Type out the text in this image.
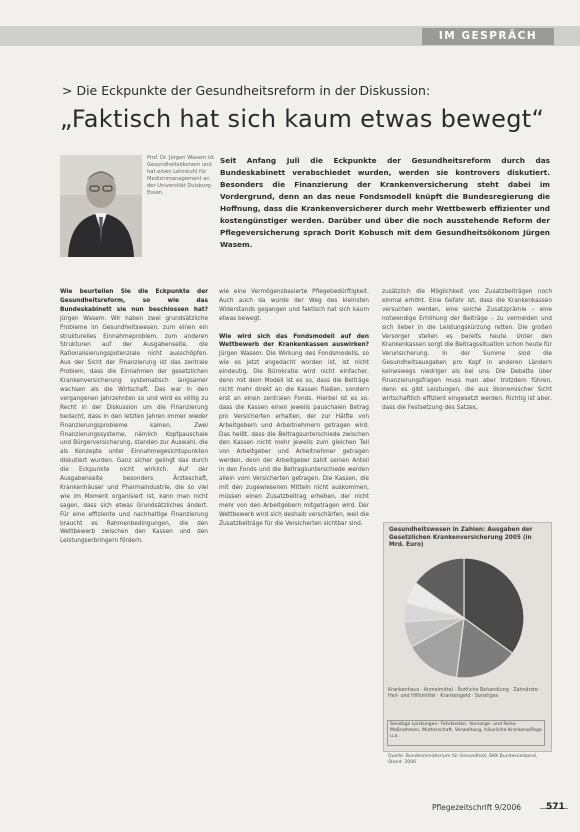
IM GESPRÄCH
> Die Eckpunkte der Gesundheitsreform in der Diskussion:
„Faktisch hat sich kaum etwas bewegt“
Prof. Dr. Jürgen Wasem ist Gesundheitsökonom und hat einen Lehrstuhl für Medizinmanagement an der Universität Duisburg-Essen.
Seit Anfang Juli die Eckpunkte der Gesundheitsreform durch das Bundeskabinett verabschiedet wurden, werden sie kontrovers diskutiert. Besonders die Finanzierung der Krankenversicherung steht dabei im Vordergrund, denn an das neue Fondsmodell knüpft die Bundesregierung die Hoffnung, dass die Krankenversicherer durch mehr Wettbewerb effizienter und kostengünstiger werden. Darüber und über die noch ausstehende Reform der Pflegeversicherung sprach Dorit Kobusch mit dem Gesundheitsökonom Jürgen Wasem.
Wie beurteilen Sie die Eckpunkte der Gesundheitsreform, so wie das Bundeskabinett sie nun beschlossen hat? Jürgen Wasem: Wir haben zwei grundsätzliche Probleme im Gesundheitswesen, zum einen ein strukturelles Einnahmeproblem, zum anderen Strukturen auf der Ausgabenseite, die Rationalisierungspotenziale nicht ausschöpfen. Aus der Sicht der Finanzierung ist das zentrale Problem, dass die Einnahmen der gesetzlichen Krankenversicherung systematisch langsamer wachsen als die Wirtschaft. Das war in den vergangenen Jahrzehnten so und wird es völlig zu Recht in der Diskussion um die Finanzierung bedacht, dass in den letzten Jahren immer wieder Finanzierungsprobleme kamen. Zwei Finanzierungssysteme, nämlich Kopfpauschale und Bürgerversicherung, standen zur Auswahl, die als Konzepte unter Einnahmegesichtspunkten diskutiert wurden. Ganz sicher gelingt das durch die Eckpunkte nicht wirklich. Auf der Ausgabenseite besonders Ärzteschaft, Krankenhäuser und Pharmaindustrie, die so viel wie im Moment organisiert ist, kann man nicht sagen, dass sich etwas Grundsätzliches ändert. Für eine effiziente und nachhaltige Finanzierung braucht es Rahmenbedingungen, die den Wettbewerb zwischen den Kassen und den Leistungserbringern fördern.
wie eine Vermögensbasierte Pflegebedürftigkeit. Auch auch da wurde der Weg des kleinsten Widerstands gegangen und faktisch hat sich kaum etwas bewegt.

Wie wird sich das Fondsmodell auf den Wettbewerb der Krankenkassen auswirken? Jürgen Wasem: Die Wirkung des Fondsmodells, so wie es jetzt angedacht worden ist, ist nicht eindeutig. Die Bürokratie wird nicht einfacher, denn mit dem Modell ist es so, dass die Beiträge nicht mehr direkt an die Kassen fließen, sondern erst an einen zentralen Fonds. Hierbei ist es so, dass die Kassen einen jeweils pauschalen Betrag pro Versicherten erhalten, der zur Hälfte von Arbeitgebern und Arbeitnehmern getragen wird. Das heißt, dass die Beitragsunterschiede zwischen den Kassen nicht mehr jeweils zum gleichen Teil von Arbeitgeber und Arbeitnehmer getragen werden, denn der Arbeitgeber zahlt seinen Anteil in den Fonds und die Beitragsunterschiede werden allein vom Versicherten getragen. Die Kassen, die mit den zugewiesenen Mitteln nicht auskommen, müssen einen Zusatzbeitrag erheben, der nicht mehr von den Arbeitgebern mitgetragen wird. Der Wettbewerb wird sich deshalb verschärfen, weil die Zusatzbeiträge für die Versicherten sichtbar sind.
zusätzlich die Möglichkeit von Zusatzbeiträgen noch einmal erhöht. Eine Gefahr ist, dass die Krankenkassen versuchen werden, eine solche Zusatzprämie – eine notwendige Erhöhung der Beiträge – zu vermeiden und sich lieber in die Leistungskürzung retten. Die großen Versorger stellen es bereits heute. Unter den Krankenkassen sorgt die Beitragssituation schon heute für Verunsicherung. In der Summe sind die Gesundheitsausgaben pro Kopf in anderen Ländern keineswegs niedriger als bei uns. Die Debatte über Finanzierungsfragen muss man aber trotzdem führen, denn es gibt Leistungen, die aus ökonomischer Sicht wirtschaftlich effizient eingesetzt werden. Richtig ist aber, dass die Festsetzung des Satzes,
Gesundheitswesen in Zahlen: Ausgaben der Gesetzlichen Krankenversicherung 2005 (in Mrd. Euro)
Krankenhaus · Arzneimittel · Ärztliche Behandlung · Zahnärzte · Heil- und Hilfsmittel · Krankengeld · Sonstiges
Sonstige Leistungen: Fahrkosten, Vorsorge- und Reha-Maßnahmen, Mutterschaft, Verwaltung, häusliche Krankenpflege u.a.
Quelle: Bundesministerium für Gesundheit; BKK Bundesverband, Stand: 2006
Pflegezeitschrift 9/2006	571
